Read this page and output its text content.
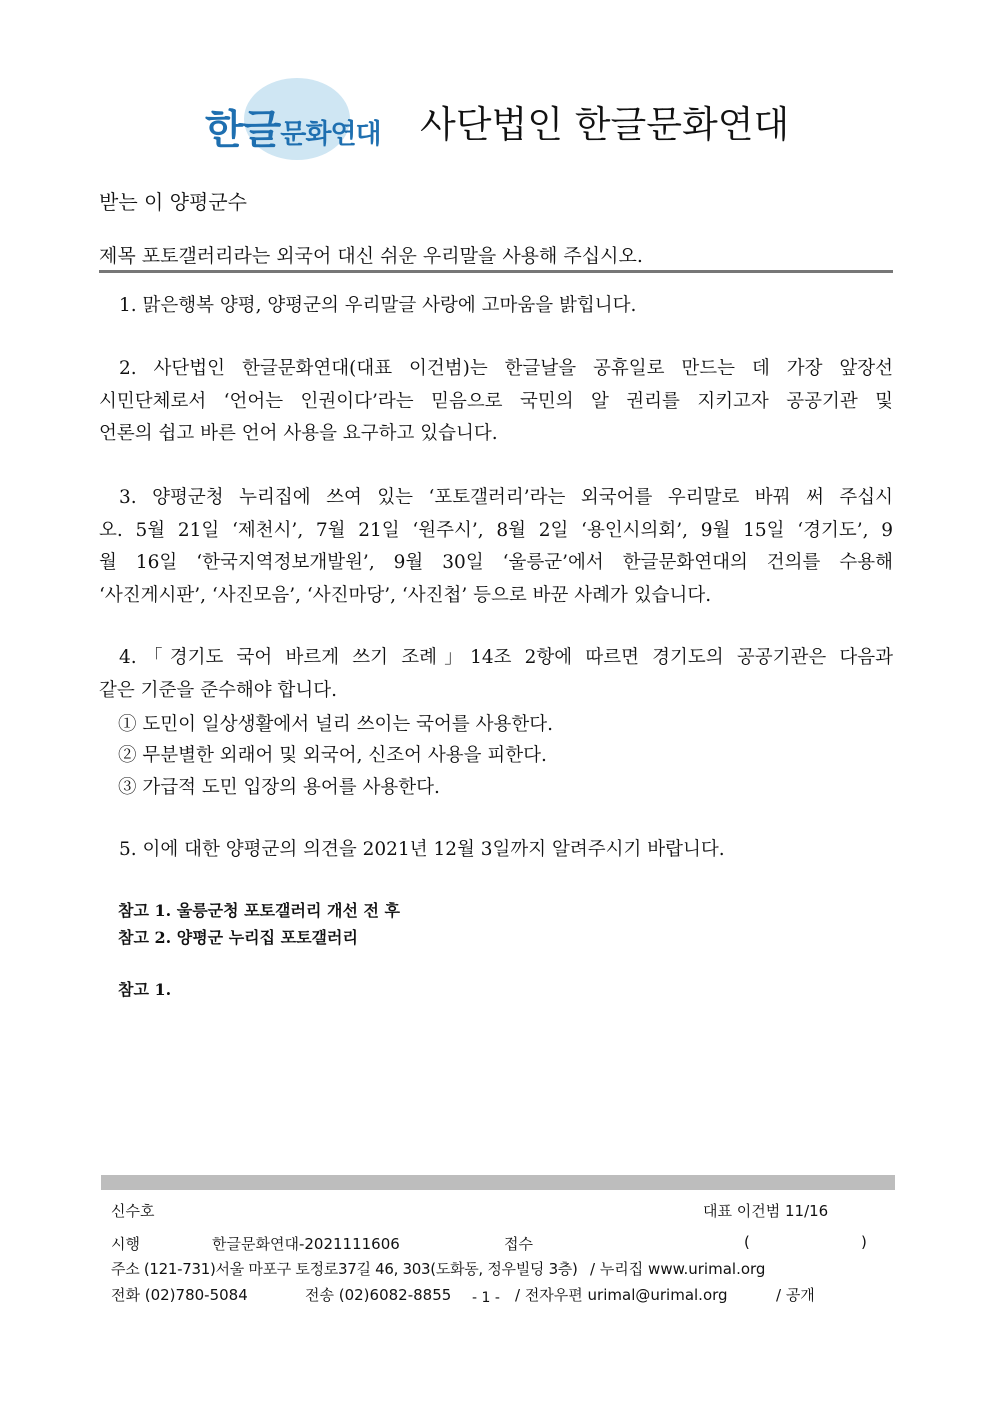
한글문화연대 사단법인 한글문화연대
받는 이 양평군수
제목 포토갤러리라는 외국어 대신 쉬운 우리말을 사용해 주십시오.

1. 맑은행복 양평, 양평군의 우리말글 사랑에 고마움을 밝힙니다.

2. 사단법인 한글문화연대(대표 이건범)는 한글날을 공휴일로 만드는 데 가장 앞장선

시민단체로서 ‘언어는 인권이다’라는 믿음으로 국민의 알 권리를 지키고자 공공기관 및

언론의 쉽고 바른 언어 사용을 요구하고 있습니다.

3. 양평군청 누리집에 쓰여 있는 ‘포토갤러리’라는 외국어를 우리말로 바꿔 써 주십시

오. 5월 21일 ‘제천시’, 7월 21일 ‘원주시’, 8월 2일 ‘용인시의회’, 9월 15일 ‘경기도’, 9

월 16일 ‘한국지역정보개발원’, 9월 30일 ‘울릉군’에서 한글문화연대의 건의를 수용해

‘사진게시판’, ‘사진모음’, ‘사진마당’, ‘사진첩’ 등으로 바꾼 사례가 있습니다.

4.「경기도 국어 바르게 쓰기 조례」14조 2항에 따르면 경기도의 공공기관은 다음과

같은 기준을 준수해야 합니다.

① 도민이 일상생활에서 널리 쓰이는 국어를 사용한다.
② 무분별한 외래어 및 외국어, 신조어 사용을 피한다.
③ 가급적 도민 입장의 용어를 사용한다.

5. 이에 대한 양평군의 의견을 2021년 12월 3일까지 알려주시기 바랍니다.

참고 1. 울릉군청 포토갤러리 개선 전 후
참고 2. 양평군 누리집 포토갤러리
참고 1.
신수호	대표 이건범 11/16
시행	한글문화연대-2021111606	접수	(	)
주소 (121-731)서울 마포구 토정로37길 46, 303(도화동, 정우빌딩 3층) / 누리집 www.urimal.org
전화 (02)780-5084	전송 (02)6082-8855 - 1 - / 전자우편 urimal@urimal.org	/ 공개
